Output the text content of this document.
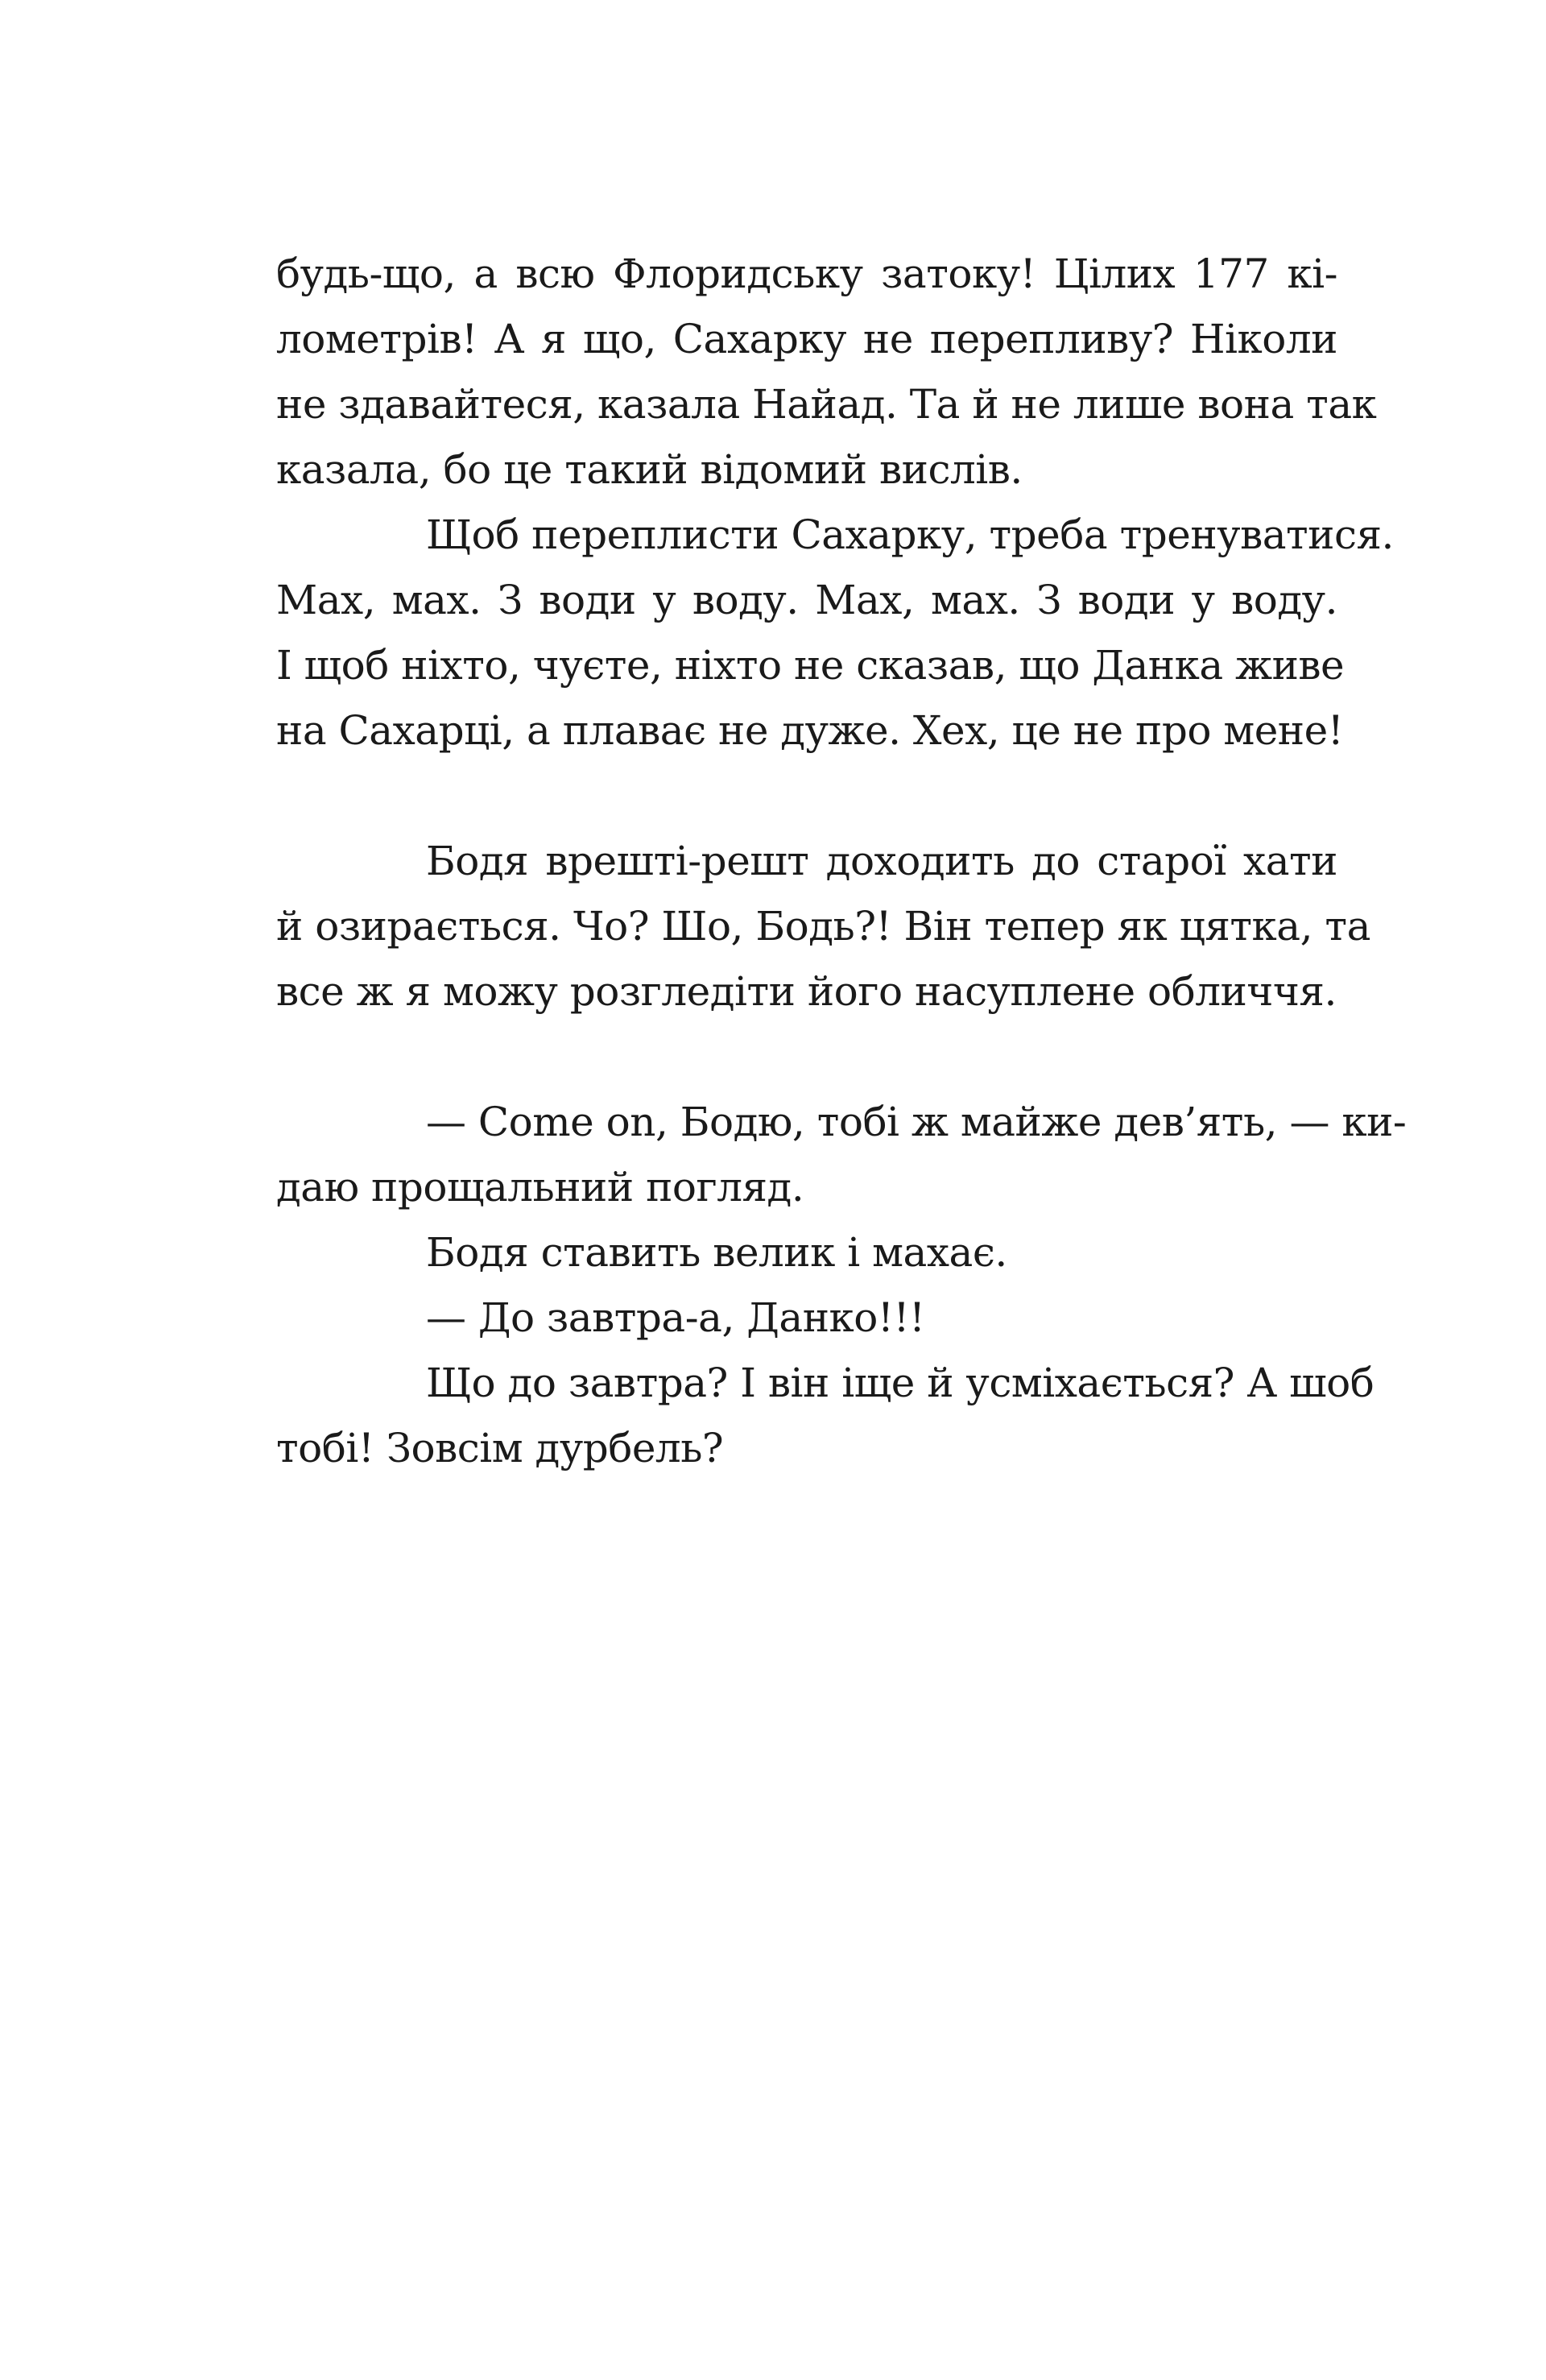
будь-що, а всю Флоридську затоку! Цілих 177 кі-
лометрів! А я що, Сахарку не перепливу? Ніколи
не здавайтеся, казала Найад. Та й не лише вона так
казала, бо це такий відомий вислів.
Щоб переплисти Сахарку, треба тренуватися.
Мах, мах. З води у воду. Мах, мах. З води у воду.
І щоб ніхто, чуєте, ніхто не сказав, що Данка живе
на Сахарці, а плаває не дуже. Хех, це не про мене!
Бодя врешті-решт доходить до старої хати
й озирається. Чо? Шо, Бодь?! Він тепер як цятка, та
все ж я можу розгледіти його насуплене обличчя.
— Come on, Бодю, тобі ж майже дев’ять, — ки-
даю прощальний погляд.
Бодя ставить велик і махає.
— До завтра-а, Данко!!!
Що до завтра? І він іще й усміхається? А шоб
тобі! Зовсім дурбель?
